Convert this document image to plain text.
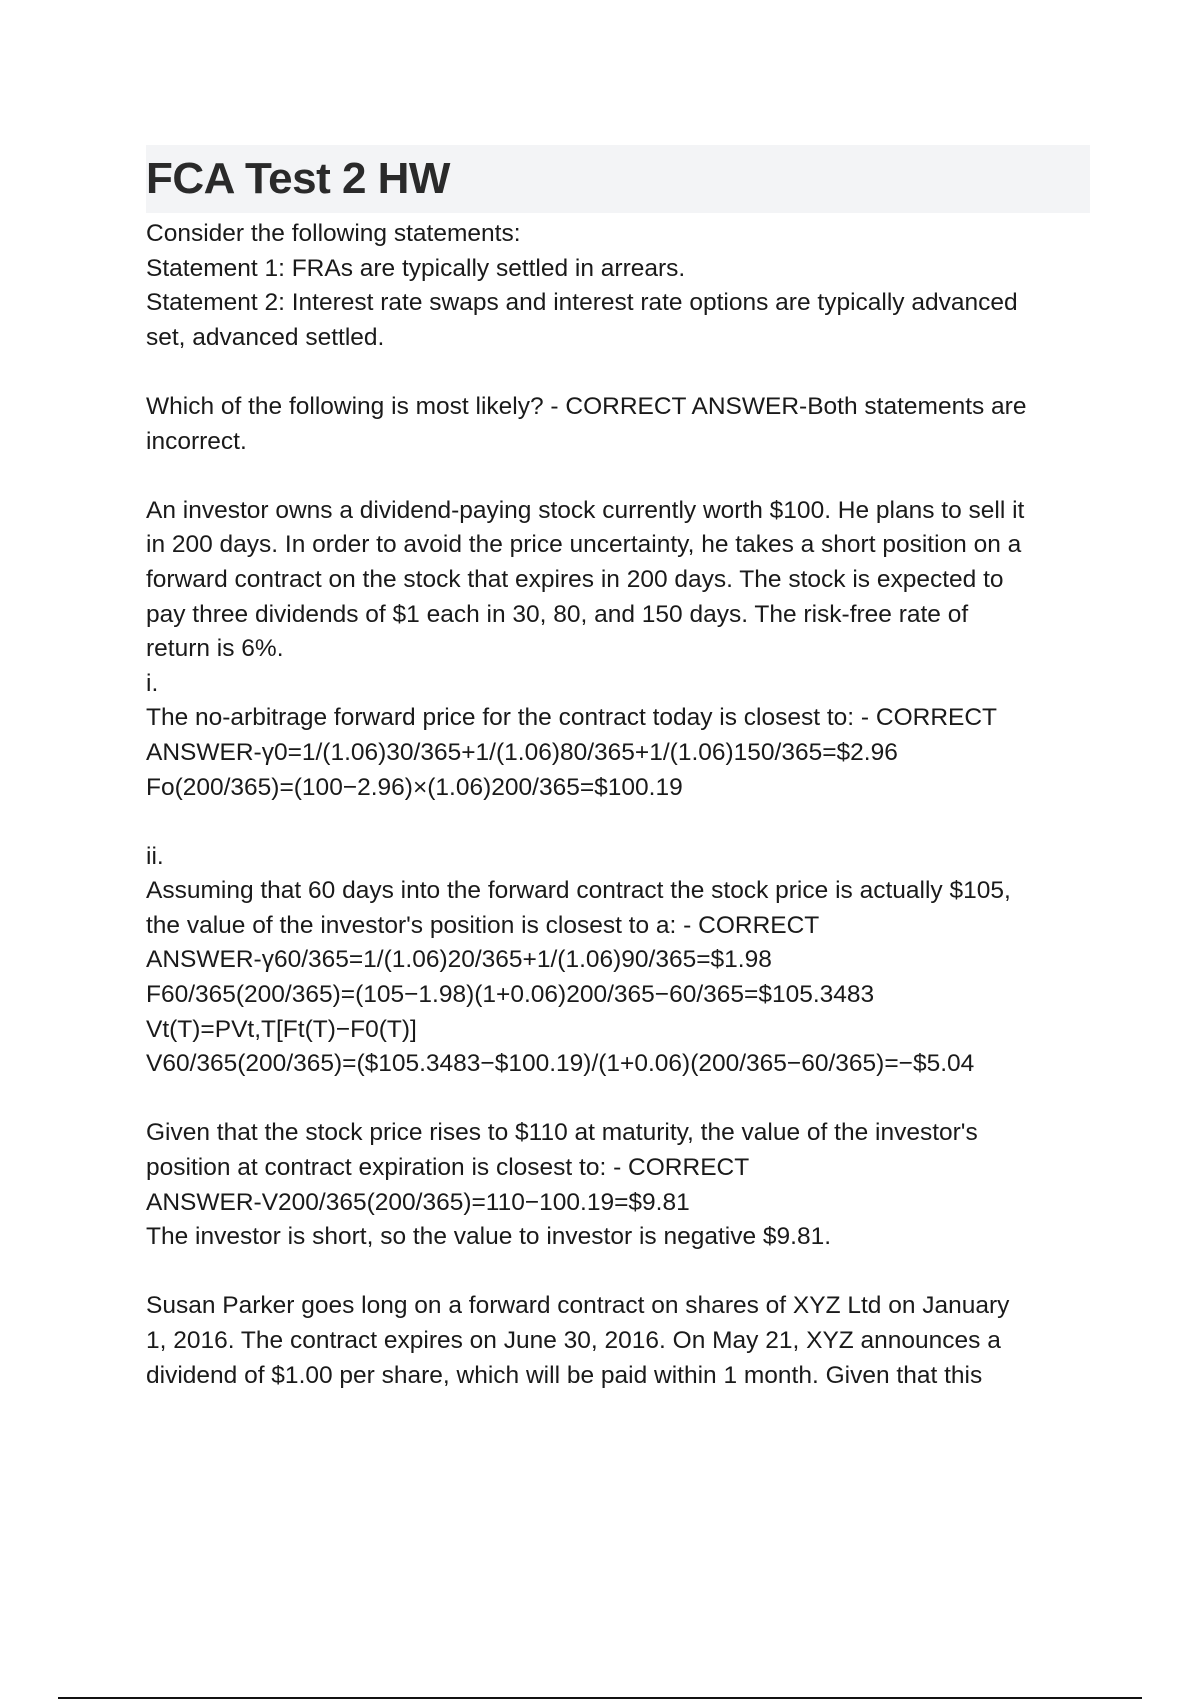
FCA Test 2 HW
Consider the following statements:
Statement 1: FRAs are typically settled in arrears.
Statement 2: Interest rate swaps and interest rate options are typically advanced
set, advanced settled.
Which of the following is most likely? - CORRECT ANSWER-Both statements are
incorrect.
An investor owns a dividend-paying stock currently worth $100. He plans to sell it
in 200 days. In order to avoid the price uncertainty, he takes a short position on a
forward contract on the stock that expires in 200 days. The stock is expected to
pay three dividends of $1 each in 30, 80, and 150 days. The risk-free rate of
return is 6%.
i.
The no-arbitrage forward price for the contract today is closest to: - CORRECT
ANSWER-γ0=1/(1.06)30/365+1/(1.06)80/365+1/(1.06)150/365=$2.96
Fo(200/365)=(100−2.96)×(1.06)200/365=$100.19
ii.
Assuming that 60 days into the forward contract the stock price is actually $105,
the value of the investor's position is closest to a: - CORRECT
ANSWER-γ60/365=1/(1.06)20/365+1/(1.06)90/365=$1.98
F60/365(200/365)=(105−1.98)(1+0.06)200/365−60/365=$105.3483
Vt(T)=PVt,T[Ft(T)−F0(T)]
V60/365(200/365)=($105.3483−$100.19)/(1+0.06)(200/365−60/365)=−$5.04
Given that the stock price rises to $110 at maturity, the value of the investor's
position at contract expiration is closest to: - CORRECT
ANSWER-V200/365(200/365)=110−100.19=$9.81
The investor is short, so the value to investor is negative $9.81.
Susan Parker goes long on a forward contract on shares of XYZ Ltd on January
1, 2016. The contract expires on June 30, 2016. On May 21, XYZ announces a
dividend of $1.00 per share, which will be paid within 1 month. Given that this
